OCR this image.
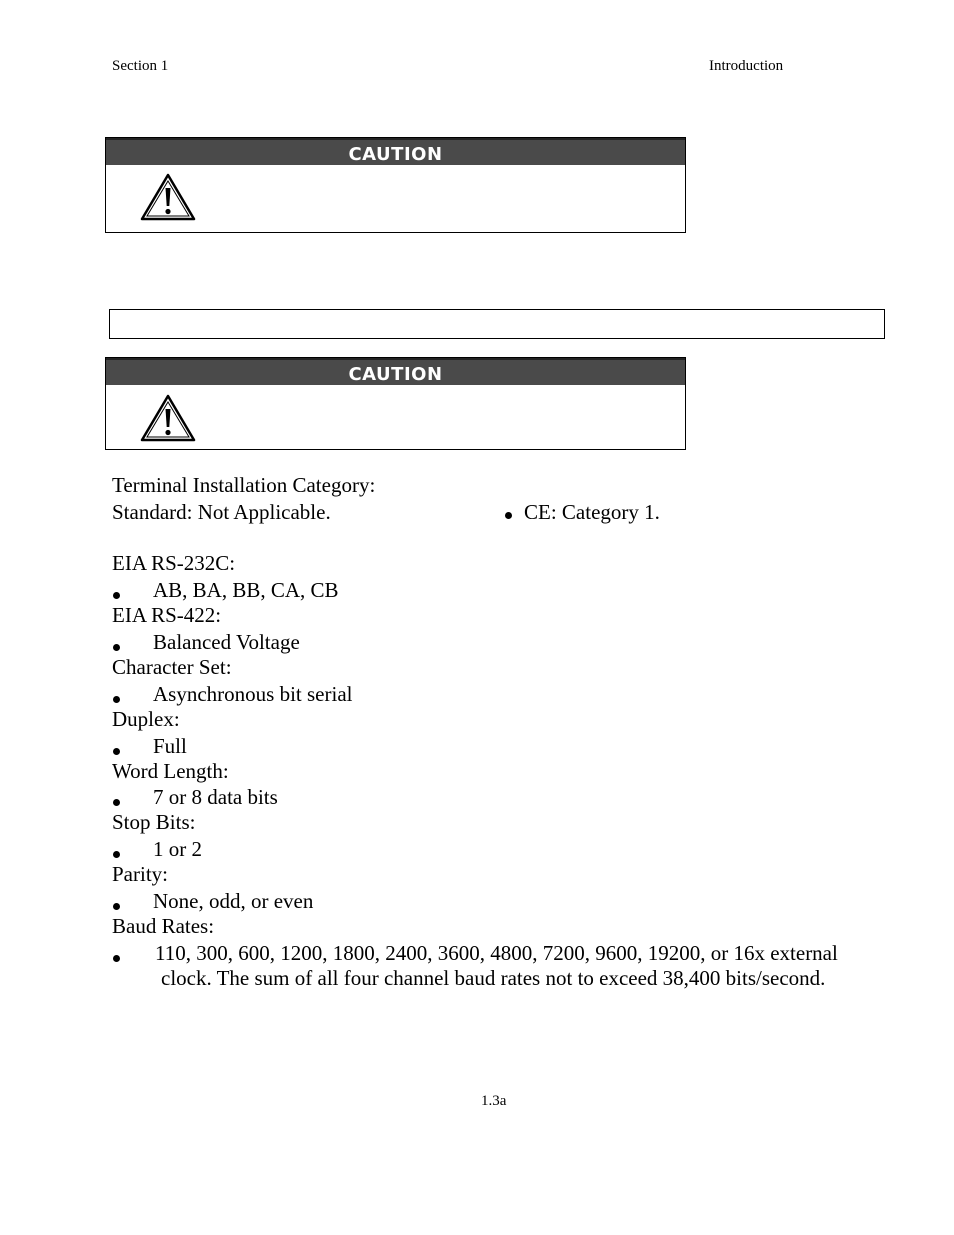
Section 1	Introduction
CAUTION
CAUTION
Terminal Installation Category:
Standard: Not Applicable.	CE: Category 1.
EIA RS-232C:
AB, BA, BB, CA, CB
EIA RS-422:
Balanced Voltage
Character Set:
Asynchronous bit serial
Duplex:
Full
Word Length:
7 or 8 data bits
Stop Bits:
1 or 2
Parity:
None, odd, or even
Baud Rates:
110, 300, 600, 1200, 1800, 2400, 3600, 4800, 7200, 9600, 19200, or 16x external
clock. The sum of all four channel baud rates not to exceed 38,400 bits/second.
1.3a
